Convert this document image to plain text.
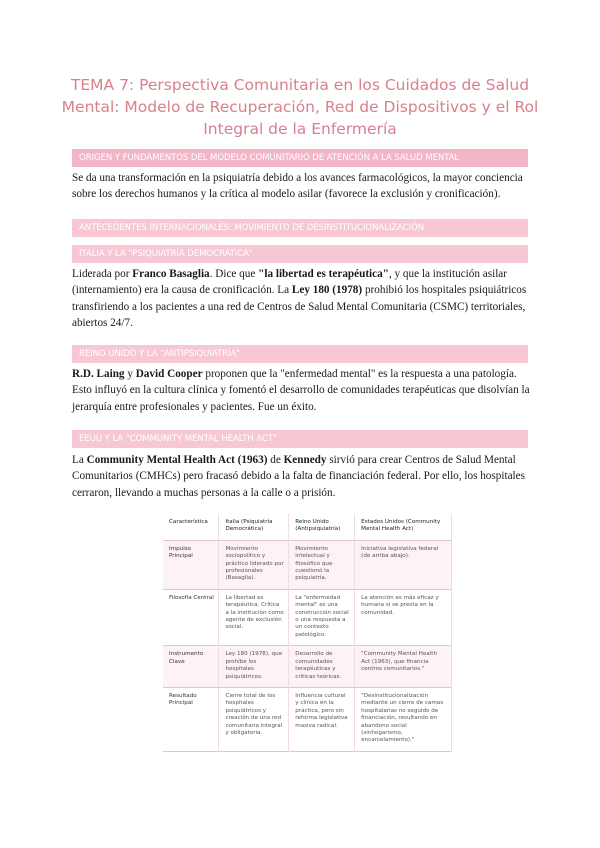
TEMA 7: Perspectiva Comunitaria en los Cuidados de Salud Mental: Modelo de Recuperación, Red de Dispositivos y el Rol Integral de la Enfermería
ORIGEN Y FUNDAMENTOS DEL MODELO COMUNITARIO DE ATENCIÓN A LA SALUD MENTAL
Se da una transformación en la psiquiatría debido a los avances farmacológicos, la mayor conciencia sobre los derechos humanos y la crítica al modelo asilar (favorece la exclusión y cronificación).
ANTECEDENTES INTERNACIONALES: MOVIMIENTO DE DESINSTITUCIONALIZACIÓN
ITALIA Y LA "PSIQUIATRÍA DEMOCRÁTICA"
Liderada por Franco Basaglia. Dice que "la libertad es terapéutica", y que la institución asilar (internamiento) era la causa de cronificación. La Ley 180 (1978) prohibió los hospitales psiquiátricos transfiriendo a los pacientes a una red de Centros de Salud Mental Comunitaria (CSMC) territoriales, abiertos 24/7.
REINO UNIDO Y LA "ANTIPSIQUIATRÍA"
R.D. Laing y David Cooper proponen que la "enfermedad mental" es la respuesta a una patología. Esto influyó en la cultura clínica y fomentó el desarrollo de comunidades terapéuticas que disolvían la jerarquía entre profesionales y pacientes. Fue un éxito.
EEUU Y LA "COMMUNITY MENTAL HEALTH ACT"
La Community Mental Health Act (1963) de Kennedy sirvió para crear Centros de Salud Mental Comunitarios (CMHCs) pero fracasó debido a la falta de financiación federal. Por ello, los hospitales cerraron, llevando a muchas personas a la calle o a prisión.
Característica	Italia (Psiquiatría Democrática)	Reino Unido (Antipsiquiatría)	Estados Unidos (Community Mental Health Act)
Impulso Principal	Movimiento sociopolítico y práctico liderado por profesionales (Basaglia).	Movimiento intelectual y filosófico que cuestionó la psiquiatría.	Iniciativa legislativa federal (de arriba abajo).
Filosofía Central	La libertad es terapéutica. Crítica a la institución como agente de exclusión social.	La "enfermedad mental" es una construcción social o una respuesta a un contexto patológico.	La atención es más eficaz y humana si se presta en la comunidad.
Instrumento Clave	Ley 180 (1978), que prohíbe los hospitales psiquiátricos.	Desarrollo de comunidades terapéuticas y críticas teóricas.	"Community Mental Health Act (1963), que financia centros comunitarios."
Resultado Principal	Cierre total de los hospitales psiquiátricos y creación de una red comunitaria integral y obligatoria.	Influencia cultural y clínica en la práctica, pero sin reforma legislativa masiva radical.	"Desinstitucionalización mediante un cierre de camas hospitalarias no seguido de financiación, resultando en abandono social (sinhogarismo, encarcelamiento)."
